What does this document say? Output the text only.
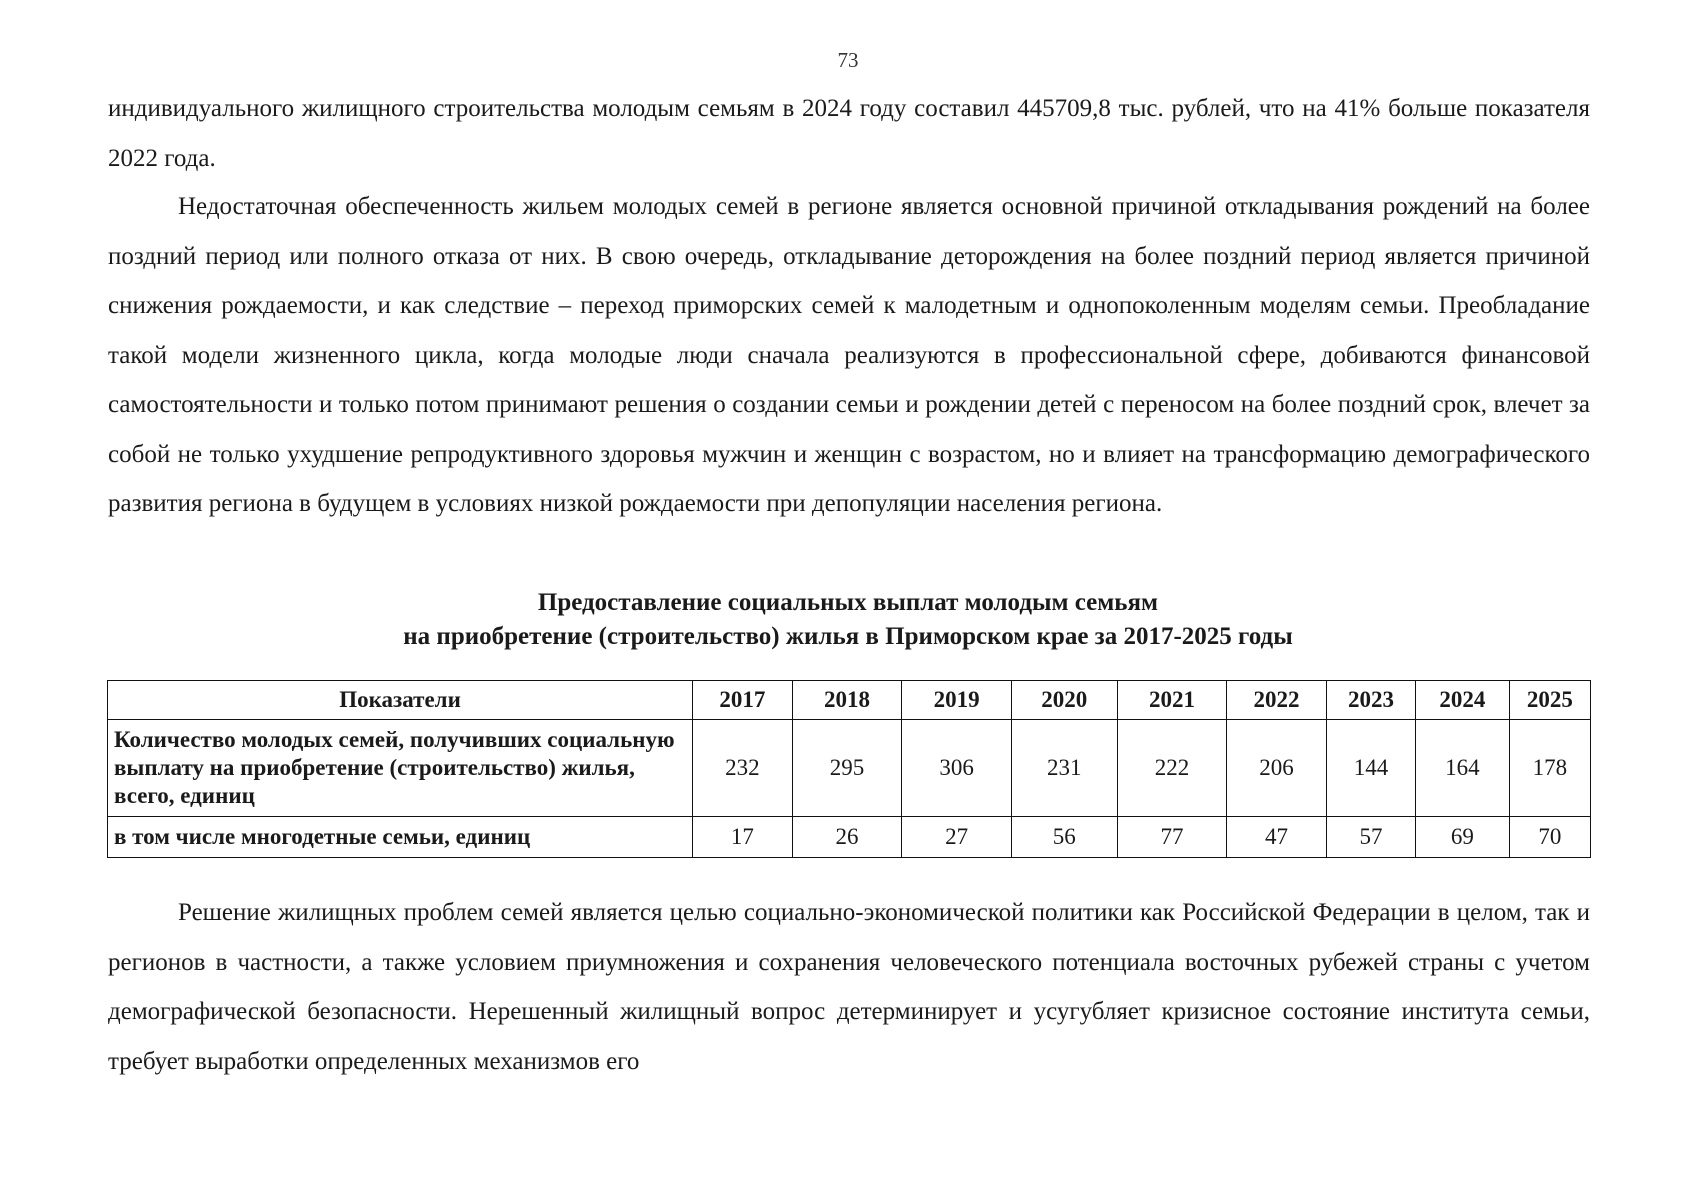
73

индивидуального жилищного строительства молодым семьям в 2024 году составил 445709,8 тыс. рублей, что на 41% больше показателя 2022 года.

Недостаточная обеспеченность жильем молодых семей в регионе является основной причиной откладывания рождений на более поздний период или полного отказа от них. В свою очередь, откладывание деторождения на более поздний период является причиной снижения рождаемости, и как следствие – переход приморских семей к малодетным и однопоколенным моделям семьи. Преобладание такой модели жизненного цикла, когда молодые люди сначала реализуются в профессиональной сфере, добиваются финансовой самостоятельности и только потом принимают решения о создании семьи и рождении детей с переносом на более поздний срок, влечет за собой не только ухудшение репродуктивного здоровья мужчин и женщин с возрастом, но и влияет на трансформацию демографического развития региона в будущем в условиях низкой рождаемости при депопуляции населения региона.

Предоставление социальных выплат молодым семьям
на приобретение (строительство) жилья в Приморском крае за 2017-2025 годы
Показатели	2017	2018	2019	2020	2021	2022	2023	2024	2025
Количество молодых семей, получивших социальную выплату на приобретение (строительство) жилья, всего, единиц	232	295	306	231	222	206	144	164	178
в том числе многодетные семьи, единиц	17	26	27	56	77	47	57	69	70

Решение жилищных проблем семей является целью социально-экономической политики как Российской Федерации в целом, так и регионов в частности, а также условием приумножения и сохранения человеческого потенциала восточных рубежей страны с учетом демографической безопасности. Нерешенный жилищный вопрос детерминирует и усугубляет кризисное состояние института семьи, требует выработки определенных механизмов его
